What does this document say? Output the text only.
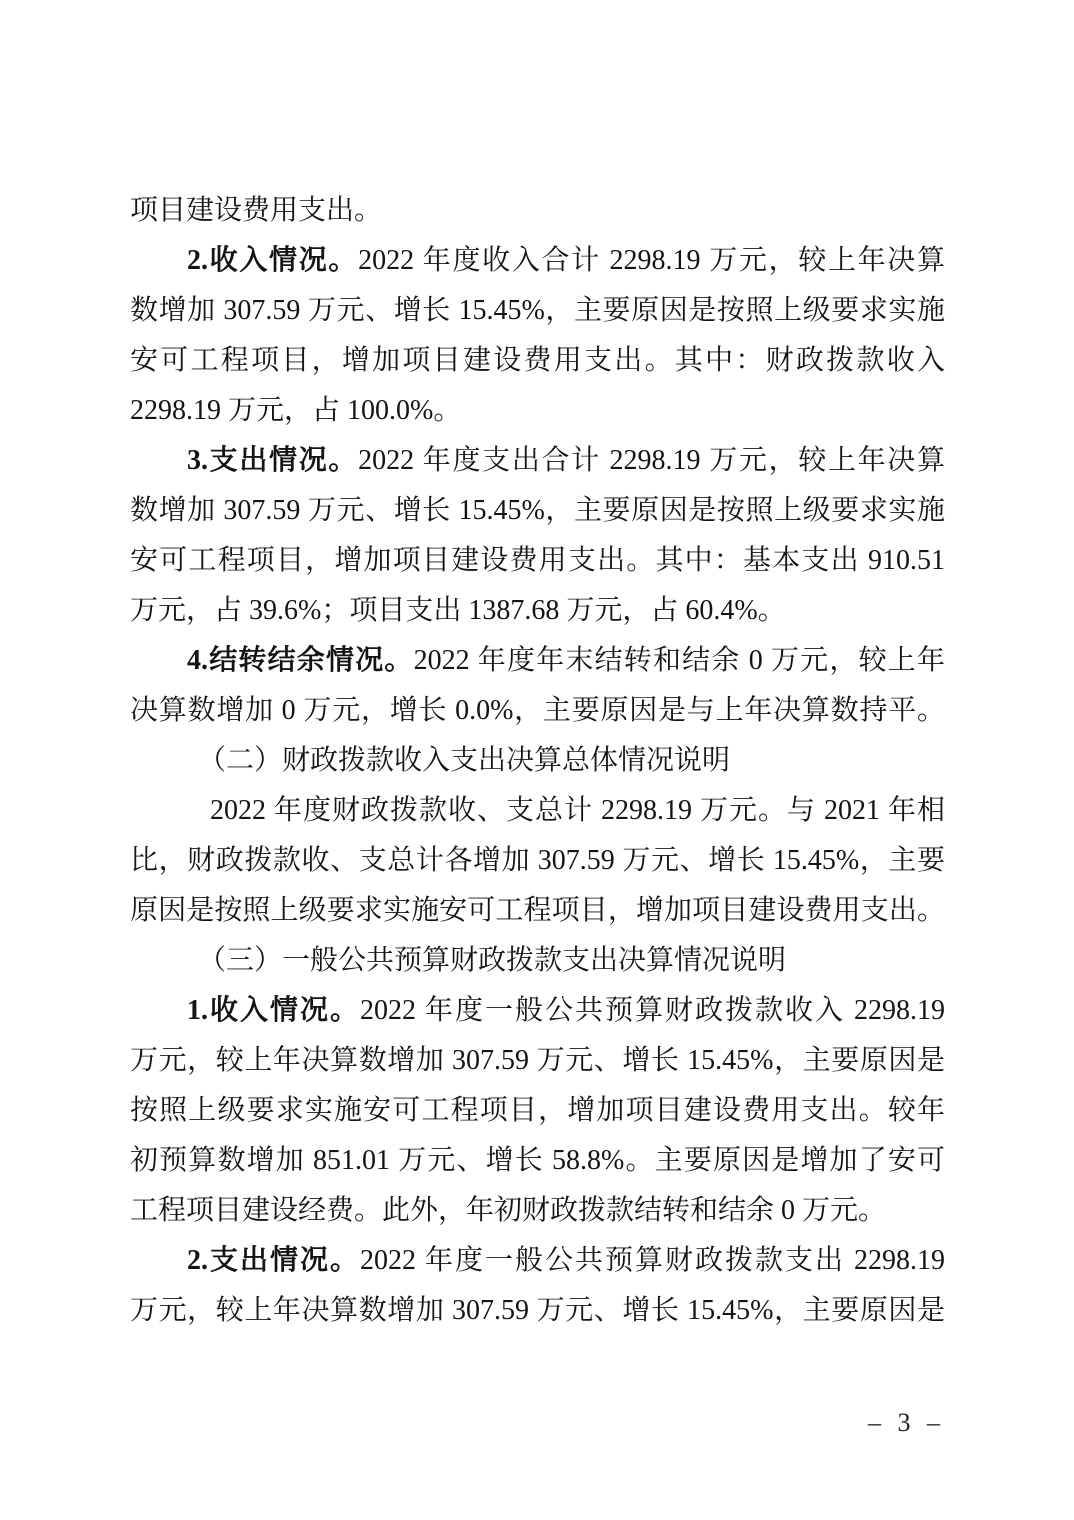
项目建设费用支出。
2.收入情况。2022 年度收入合计 2298.19 万元，较上年决算
数增加 307.59 万元、增长 15.45%，主要原因是按照上级要求实施
安可工程项目，增加项目建设费用支出。其中：财政拨款收入
2298.19 万元，占 100.0%。
3.支出情况。2022 年度支出合计 2298.19 万元，较上年决算
数增加 307.59 万元、增长 15.45%，主要原因是按照上级要求实施
安可工程项目，增加项目建设费用支出。其中：基本支出 910.51
万元，占 39.6%；项目支出 1387.68 万元，占 60.4%。
4.结转结余情况。2022 年度年末结转和结余 0 万元，较上年
决算数增加 0 万元，增长 0.0%，主要原因是与上年决算数持平。
（二）财政拨款收入支出决算总体情况说明
2022 年度财政拨款收、支总计 2298.19 万元。与 2021 年相
比，财政拨款收、支总计各增加 307.59 万元、增长 15.45%，主要
原因是按照上级要求实施安可工程项目，增加项目建设费用支出。
（三）一般公共预算财政拨款支出决算情况说明
1.收入情况。2022 年度一般公共预算财政拨款收入 2298.19
万元，较上年决算数增加 307.59 万元、增长 15.45%，主要原因是
按照上级要求实施安可工程项目，增加项目建设费用支出。较年
初预算数增加 851.01 万元、增长 58.8%。主要原因是增加了安可
工程项目建设经费。此外，年初财政拨款结转和结余 0 万元。
2.支出情况。2022 年度一般公共预算财政拨款支出 2298.19
万元，较上年决算数增加 307.59 万元、增长 15.45%，主要原因是
– 3 –
